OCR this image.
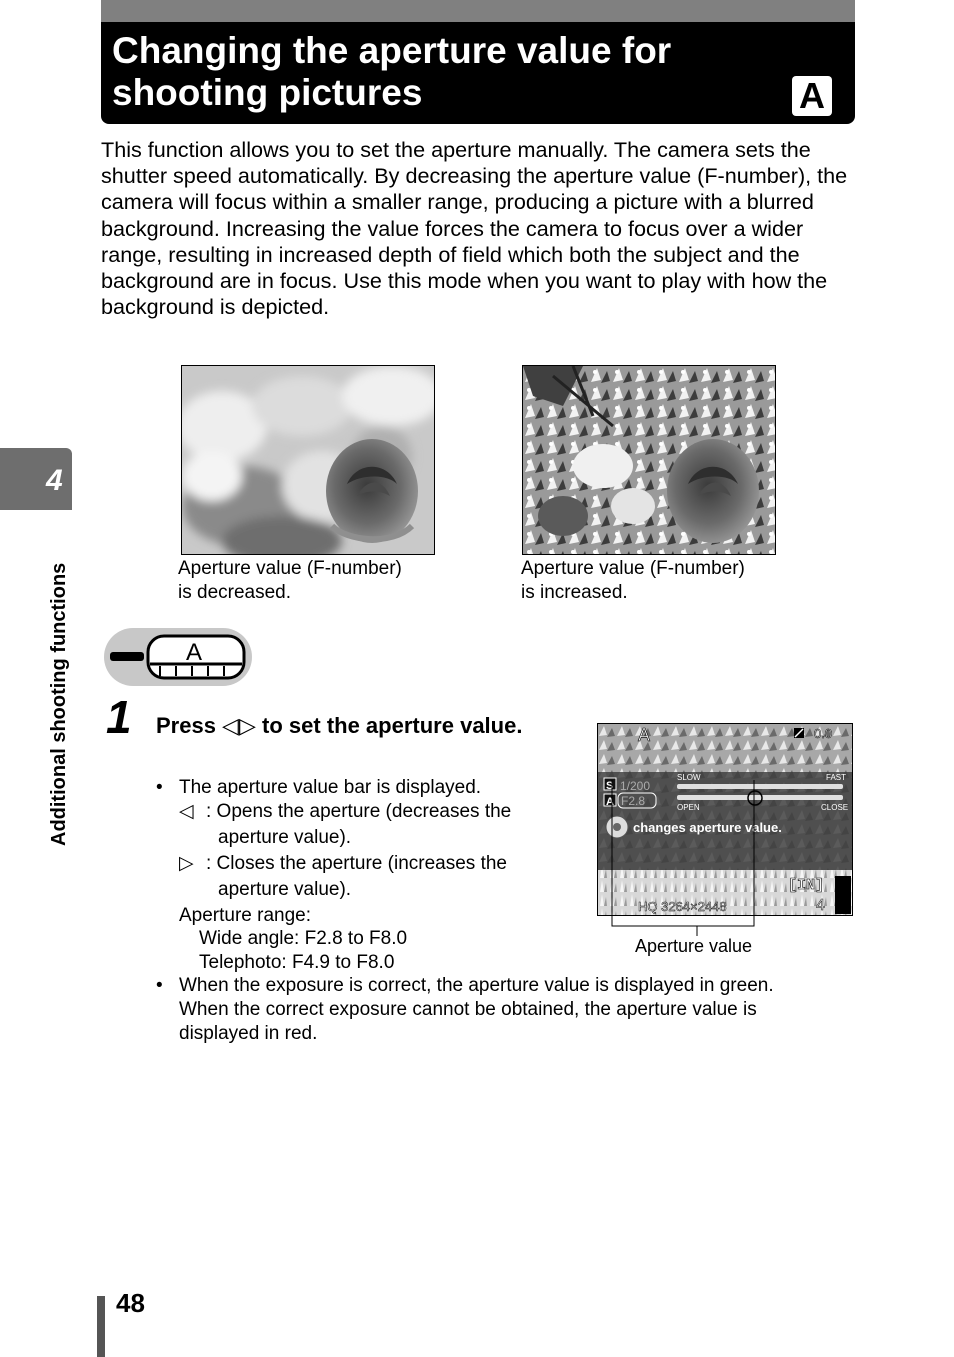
Changing the aperture value for shooting pictures	A
This function allows you to set the aperture manually. The camera sets the shutter speed automatically. By decreasing the aperture value (F-number), the camera will focus within a smaller range, producing a picture with a blurred background. Increasing the value forces the camera to focus over a wider range, resulting in increased depth of field which both the subject and the background are in focus. Use this mode when you want to play with how the background is depicted.
Aperture value (F-number)
is decreased.
Aperture value (F-number)
is increased.
4
Additional shooting functions	A
1 Press ◁▷ to set the aperture value.
• The aperture value bar is displayed.
◁ : Opens the aperture (decreases the
aperture value).
▷ : Closes the aperture (increases the
aperture value).
Aperture range:
Wide angle: F2.8 to F8.0
Telephoto: F4.9 to F8.0
• When the exposure is correct, the aperture value is displayed in green.
When the correct exposure cannot be obtained, the aperture value is
displayed in red.
A	0.0
S 1/200
SLOW	FAST
A F2.8	OPEN	CLOSE
changes aperture value.
[IN]
4
HQ 3264×2448
Aperture value
48
